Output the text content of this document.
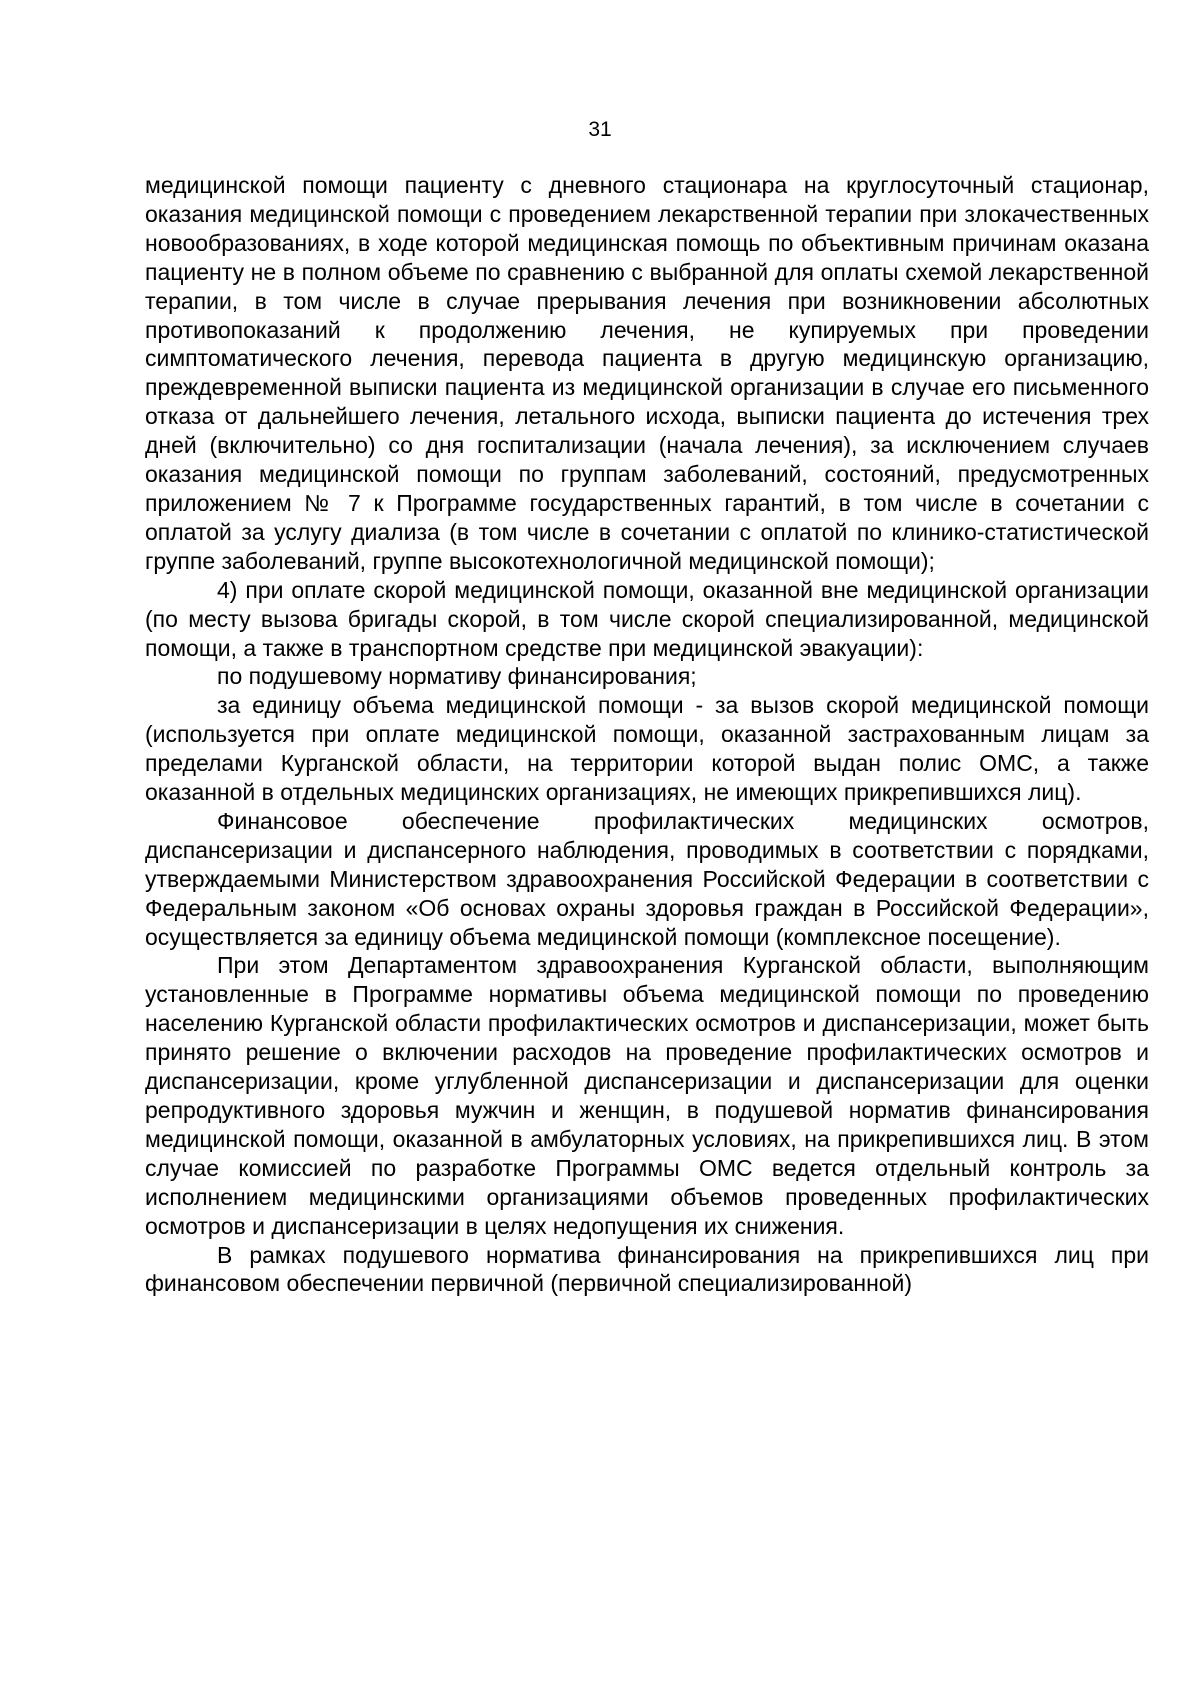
31

медицинской помощи пациенту с дневного стационара на круглосуточный стационар, оказания медицинской помощи с проведением лекарственной терапии при злокачественных новообразованиях, в ходе которой медицинская помощь по объективным причинам оказана пациенту не в полном объеме по сравнению с выбранной для оплаты схемой лекарственной терапии, в том числе в случае прерывания лечения при возникновении абсолютных противопоказаний к продолжению лечения, не купируемых при проведении симптоматического лечения, перевода пациента в другую медицинскую организацию, преждевременной выписки пациента из медицинской организации в случае его письменного отказа от дальнейшего лечения, летального исхода, выписки пациента до истечения трех дней (включительно) со дня госпитализации (начала лечения), за исключением случаев оказания медицинской помощи по группам заболеваний, состояний, предусмотренных приложением № 7 к Программе государственных гарантий, в том числе в сочетании с оплатой за услугу диализа (в том числе в сочетании с оплатой по клинико-статистической группе заболеваний, группе высокотехнологичной медицинской помощи);

4) при оплате скорой медицинской помощи, оказанной вне медицинской организации (по месту вызова бригады скорой, в том числе скорой специализированной, медицинской помощи, а также в транспортном средстве при медицинской эвакуации):

по подушевому нормативу финансирования;

за единицу объема медицинской помощи - за вызов скорой медицинской помощи (используется при оплате медицинской помощи, оказанной застрахованным лицам за пределами Курганской области, на территории которой выдан полис ОМС, а также оказанной в отдельных медицинских организациях, не имеющих прикрепившихся лиц).

Финансовое обеспечение профилактических медицинских осмотров, диспансеризации и диспансерного наблюдения, проводимых в соответствии с порядками, утверждаемыми Министерством здравоохранения Российской Федерации в соответствии с Федеральным законом «Об основах охраны здоровья граждан в Российской Федерации», осуществляется за единицу объема медицинской помощи (комплексное посещение).

При этом Департаментом здравоохранения Курганской области, выполняющим установленные в Программе нормативы объема медицинской помощи по проведению населению Курганской области профилактических осмотров и диспансеризации, может быть принято решение о включении расходов на проведение профилактических осмотров и диспансеризации, кроме углубленной диспансеризации и диспансеризации для оценки репродуктивного здоровья мужчин и женщин, в подушевой норматив финансирования медицинской помощи, оказанной в амбулаторных условиях, на прикрепившихся лиц. В этом случае комиссией по разработке Программы ОМС ведется отдельный контроль за исполнением медицинскими организациями объемов проведенных профилактических осмотров и диспансеризации в целях недопущения их снижения.

В рамках подушевого норматива финансирования на прикрепившихся лиц при финансовом обеспечении первичной (первичной специализированной)
